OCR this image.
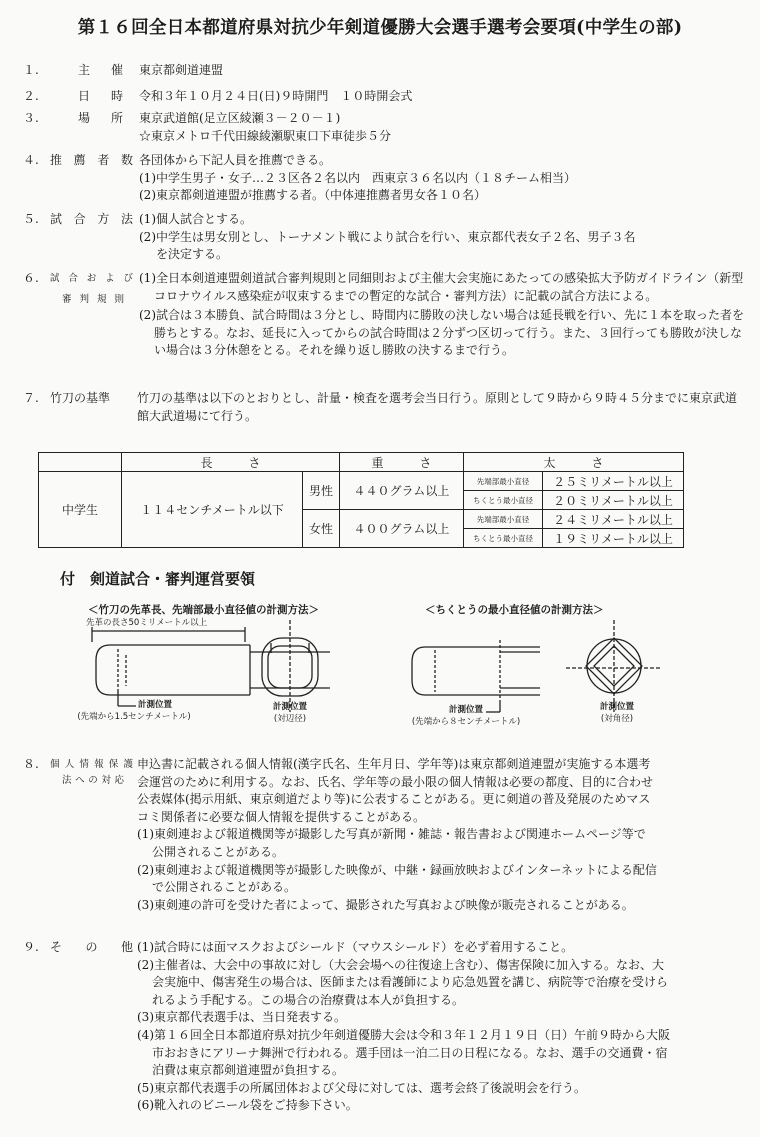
第１６回全日本都道府県対抗少年剣道優勝大会選手選考会要項(中学生の部)
１.	主 催 東京都剣道連盟
２.	日 時 令和３年１０月２４日(日)９時開門　１０時開会式
３.	場 所 東京武道館(足立区綾瀬３－２０－１)

☆東京メトロ千代田線綾瀬駅東口下車徒歩５分

４. 推 薦 者 数 各団体から下記人員を推薦できる。

(1)中学生男子・女子…２３区各２名以内　西東京３６名以内（１８チーム相当）

(2)東京都剣道連盟が推薦する者。（中体連推薦者男女各１０名）

５. 試 合 方 法 (1)個人試合とする。

(2)中学生は男女別とし、トーナメント戦により試合を行い、東京都代表女子２名、男子３名

を決定する。

６.	試 合 お よ び
審 判 規 則

(1)全日本剣道連盟剣道試合審判規則と同細則および主催大会実施にあたっての感染拡大予防ガイドライン（新型コロナウイルス感染症が収束するまでの暫定的な試合・審判方法）に記載の試合方法による。

(2)試合は３本勝負、試合時間は３分とし、時間内に勝敗の決しない場合は延長戦を行い、先に１本を取った者を勝ちとする。なお、延長に入ってからの試合時間は２分ずつ区切って行う。また、３回行っても勝敗が決しない場合は３分休憩をとる。それを繰り返し勝敗の決するまで行う。

７. 竹刀の基準	竹刀の基準は以下のとおりとし、計量・検査を選考会当日行う。原則として９時から９時４５分までに東京武道館大武道場にて行う。
	長　　　さ		重　　　さ	太　　　さ	
中学生	１１４センチメートル以下	男性	４４０グラム以上	先端部最小直径	２５ミリメートル以上
				ちくとう最小直径	２０ミリメートル以上
		女性	４００グラム以上	先端部最小直径	２４ミリメートル以上
				ちくとう最小直径	１９ミリメートル以上
付　剣道試合・審判運営要領
＜竹刀の先革長、先端部最小直径値の計測方法＞	＜ちくとうの最小直径値の計測方法＞
先革の長さ50ミリメートル以上
計測位置
(先端から1.5センチメートル)
計測位置
(対辺径)
計測位置
(先端から８センチメートル)
計測位置
(対角径)
８.	個 人 情 報 保 護
法 へ の 対 応

申込書に記載される個人情報(漢字氏名、生年月日、学年等)は東京都剣道連盟が実施する本選考会運営のために利用する。なお、氏名、学年等の最小限の個人情報は必要の都度、目的に合わせ公表媒体(掲示用紙、東京剣道だより等)に公表することがある。更に剣道の普及発展のためマスコミ関係者に必要な個人情報を提供することがある。

(1)東剣連および報道機関等が撮影した写真が新聞・雑誌・報告書および関連ホームページ等で公開されることがある。

(2)東剣連および報道機関等が撮影した映像が、中継・録画放映およびインターネットによる配信で公開されることがある。

(3)東剣連の許可を受けた者によって、撮影された写真および映像が販売されることがある。

９. そ の 他 (1)試合時には面マスクおよびシールド（マウスシールド）を必ず着用すること。

(2)主催者は、大会中の事故に対し（大会会場への往復途上含む）、傷害保険に加入する。なお、大会実施中、傷害発生の場合は、医師または看護師により応急処置を講じ、病院等で治療を受けられるよう手配する。この場合の治療費は本人が負担する。

(3)東京都代表選手は、当日発表する。

(4)第１６回全日本都道府県対抗少年剣道優勝大会は令和３年１２月１９日（日）午前９時から大阪市おおきにアリーナ舞洲で行われる。選手団は一泊二日の日程になる。なお、選手の交通費・宿泊費は東京都剣道連盟が負担する。

(5)東京都代表選手の所属団体および父母に対しては、選考会終了後説明会を行う。

(6)靴入れのビニール袋をご持参下さい。
